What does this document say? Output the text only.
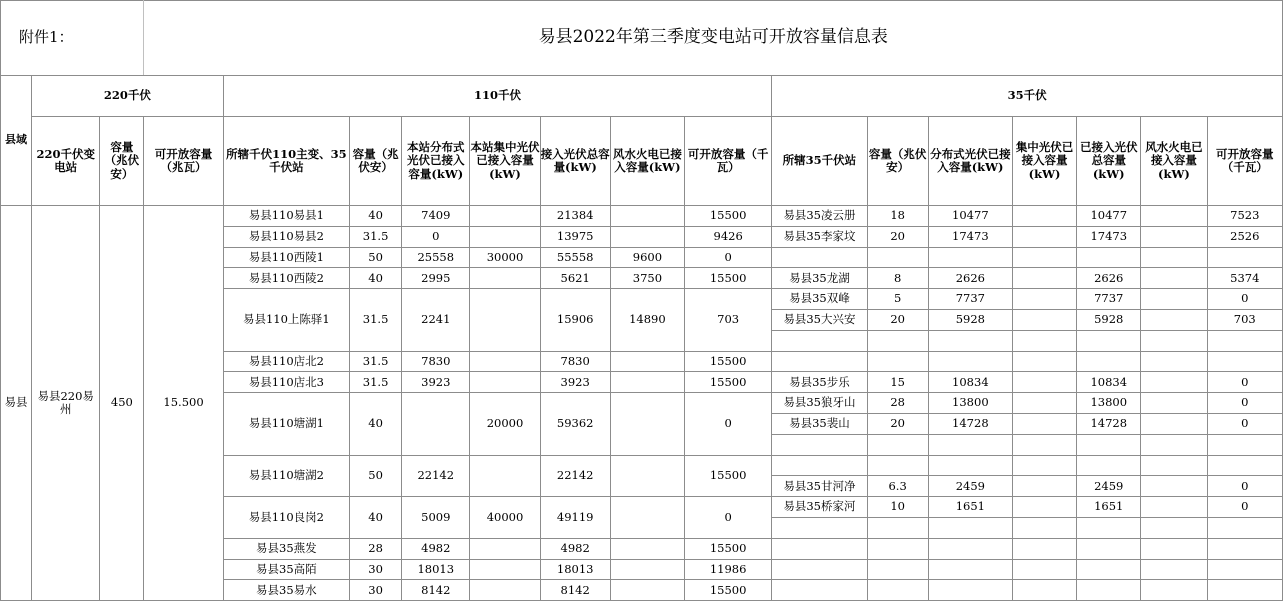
附件1：			易县2022年第三季度变电站可开放容量信息表														
县域	220千伏			110千伏							35千伏						
	220千伏变电站	容量（兆伏安）	可开放容量（兆瓦）	所辖千伏110主变、35千伏站	容量（兆伏安）	本站分布式光伏已接入容量(kW)	本站集中光伏已接入容量(kW)	接入光伏总容量(kW)	风水火电已接入容量(kW)	可开放容量（千瓦）	所辖35千伏站	容量（兆伏安）	分布式光伏已接入容量(kW)	集中光伏已接入容量(kW)	已接入光伏总容量(kW)	风水火电已接入容量(kW)	可开放容量（千瓦）
易县	易县220易州	450	15.500	易县110易县1	40	7409		21384		15500	易县35凌云册	18	10477		10477		7523
				易县110易县2	31.5	0		13975		9426	易县35李家坟	20	17473		17473		2526
				易县110西陵1	50	25558	30000	55558	9600	0							
				易县110西陵2	40	2995		5621	3750	15500	易县35龙湖	8	2626		2626		5374
				易县110上陈驿1	31.5	2241		15906	14890	703	易县35双峰	5	7737		7737		0
											易县35大兴安	20	5928		5928		703

				易县110店北2	31.5	7830		7830		15500							
				易县110店北3	31.5	3923		3923		15500	易县35步乐	15	10834		10834		0
				易县110塘湖1	40		20000	59362		0	易县35狼牙山	28	13800		13800		0
											易县35裴山	20	14728		14728		0

				易县110塘湖2	50	22142		22142		15500							
											易县35甘河净	6.3	2459		2459		0
				易县110良岗2	40	5009	40000	49119		0	易县35桥家河	10	1651		1651		0

				易县35燕发	28	4982		4982		15500							
				易县35高陌	30	18013		18013		11986							
				易县35易水	30	8142		8142		15500							
